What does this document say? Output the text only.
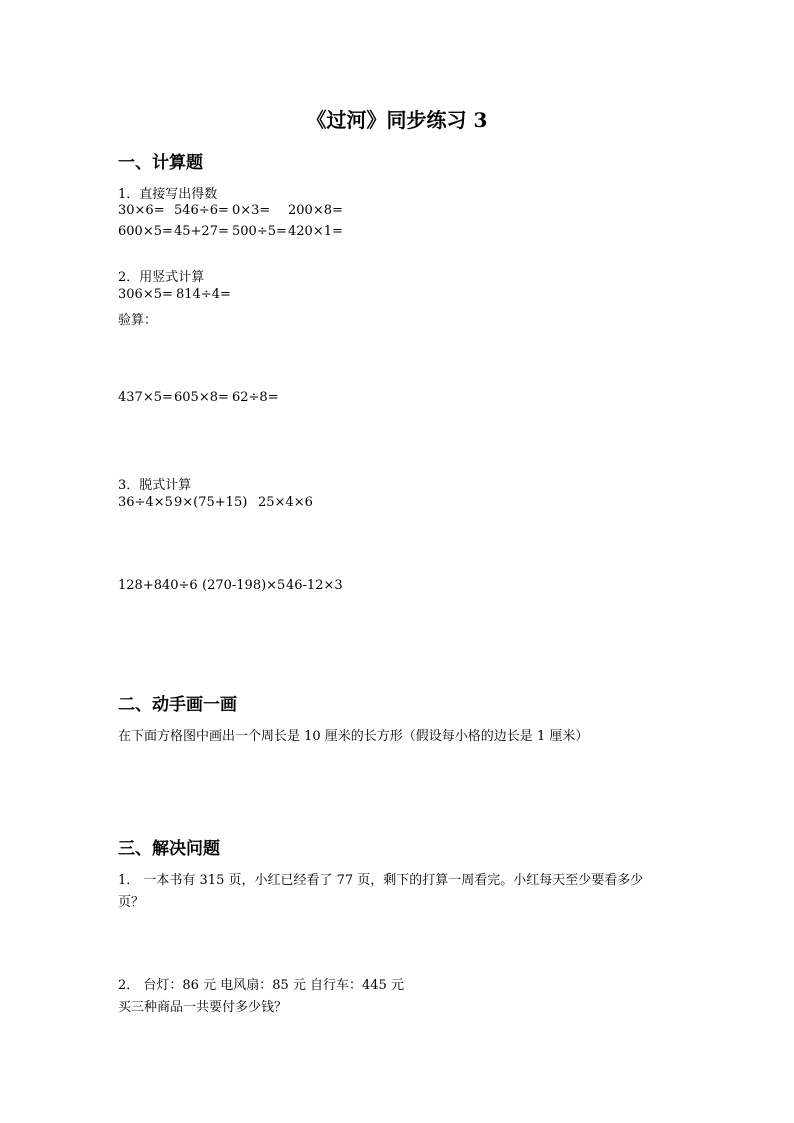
《过河》同步练习 3
一、计算题
1．直接写出得数
30×6= 546÷6= 0×3= 200×8=
600×5=45+27= 500÷5=420×1=
2．用竖式计算
306×5= 814÷4=
验算：
437×5=605×8= 62÷8=
3．脱式计算
36÷4×59×(75+15) 25×4×6
128+840÷6 (270-198)×546-12×3
二、动手画一画
在下面方格图中画出一个周长是 10 厘米的长方形（假设每小格的边长是 1 厘米）
三、解决问题
1． 一本书有 315 页，小红已经看了 77 页，剩下的打算一周看完。小红每天至少要看多少
页？
2． 台灯：86 元 电风扇：85 元 自行车：445 元
买三种商品一共要付多少钱？
